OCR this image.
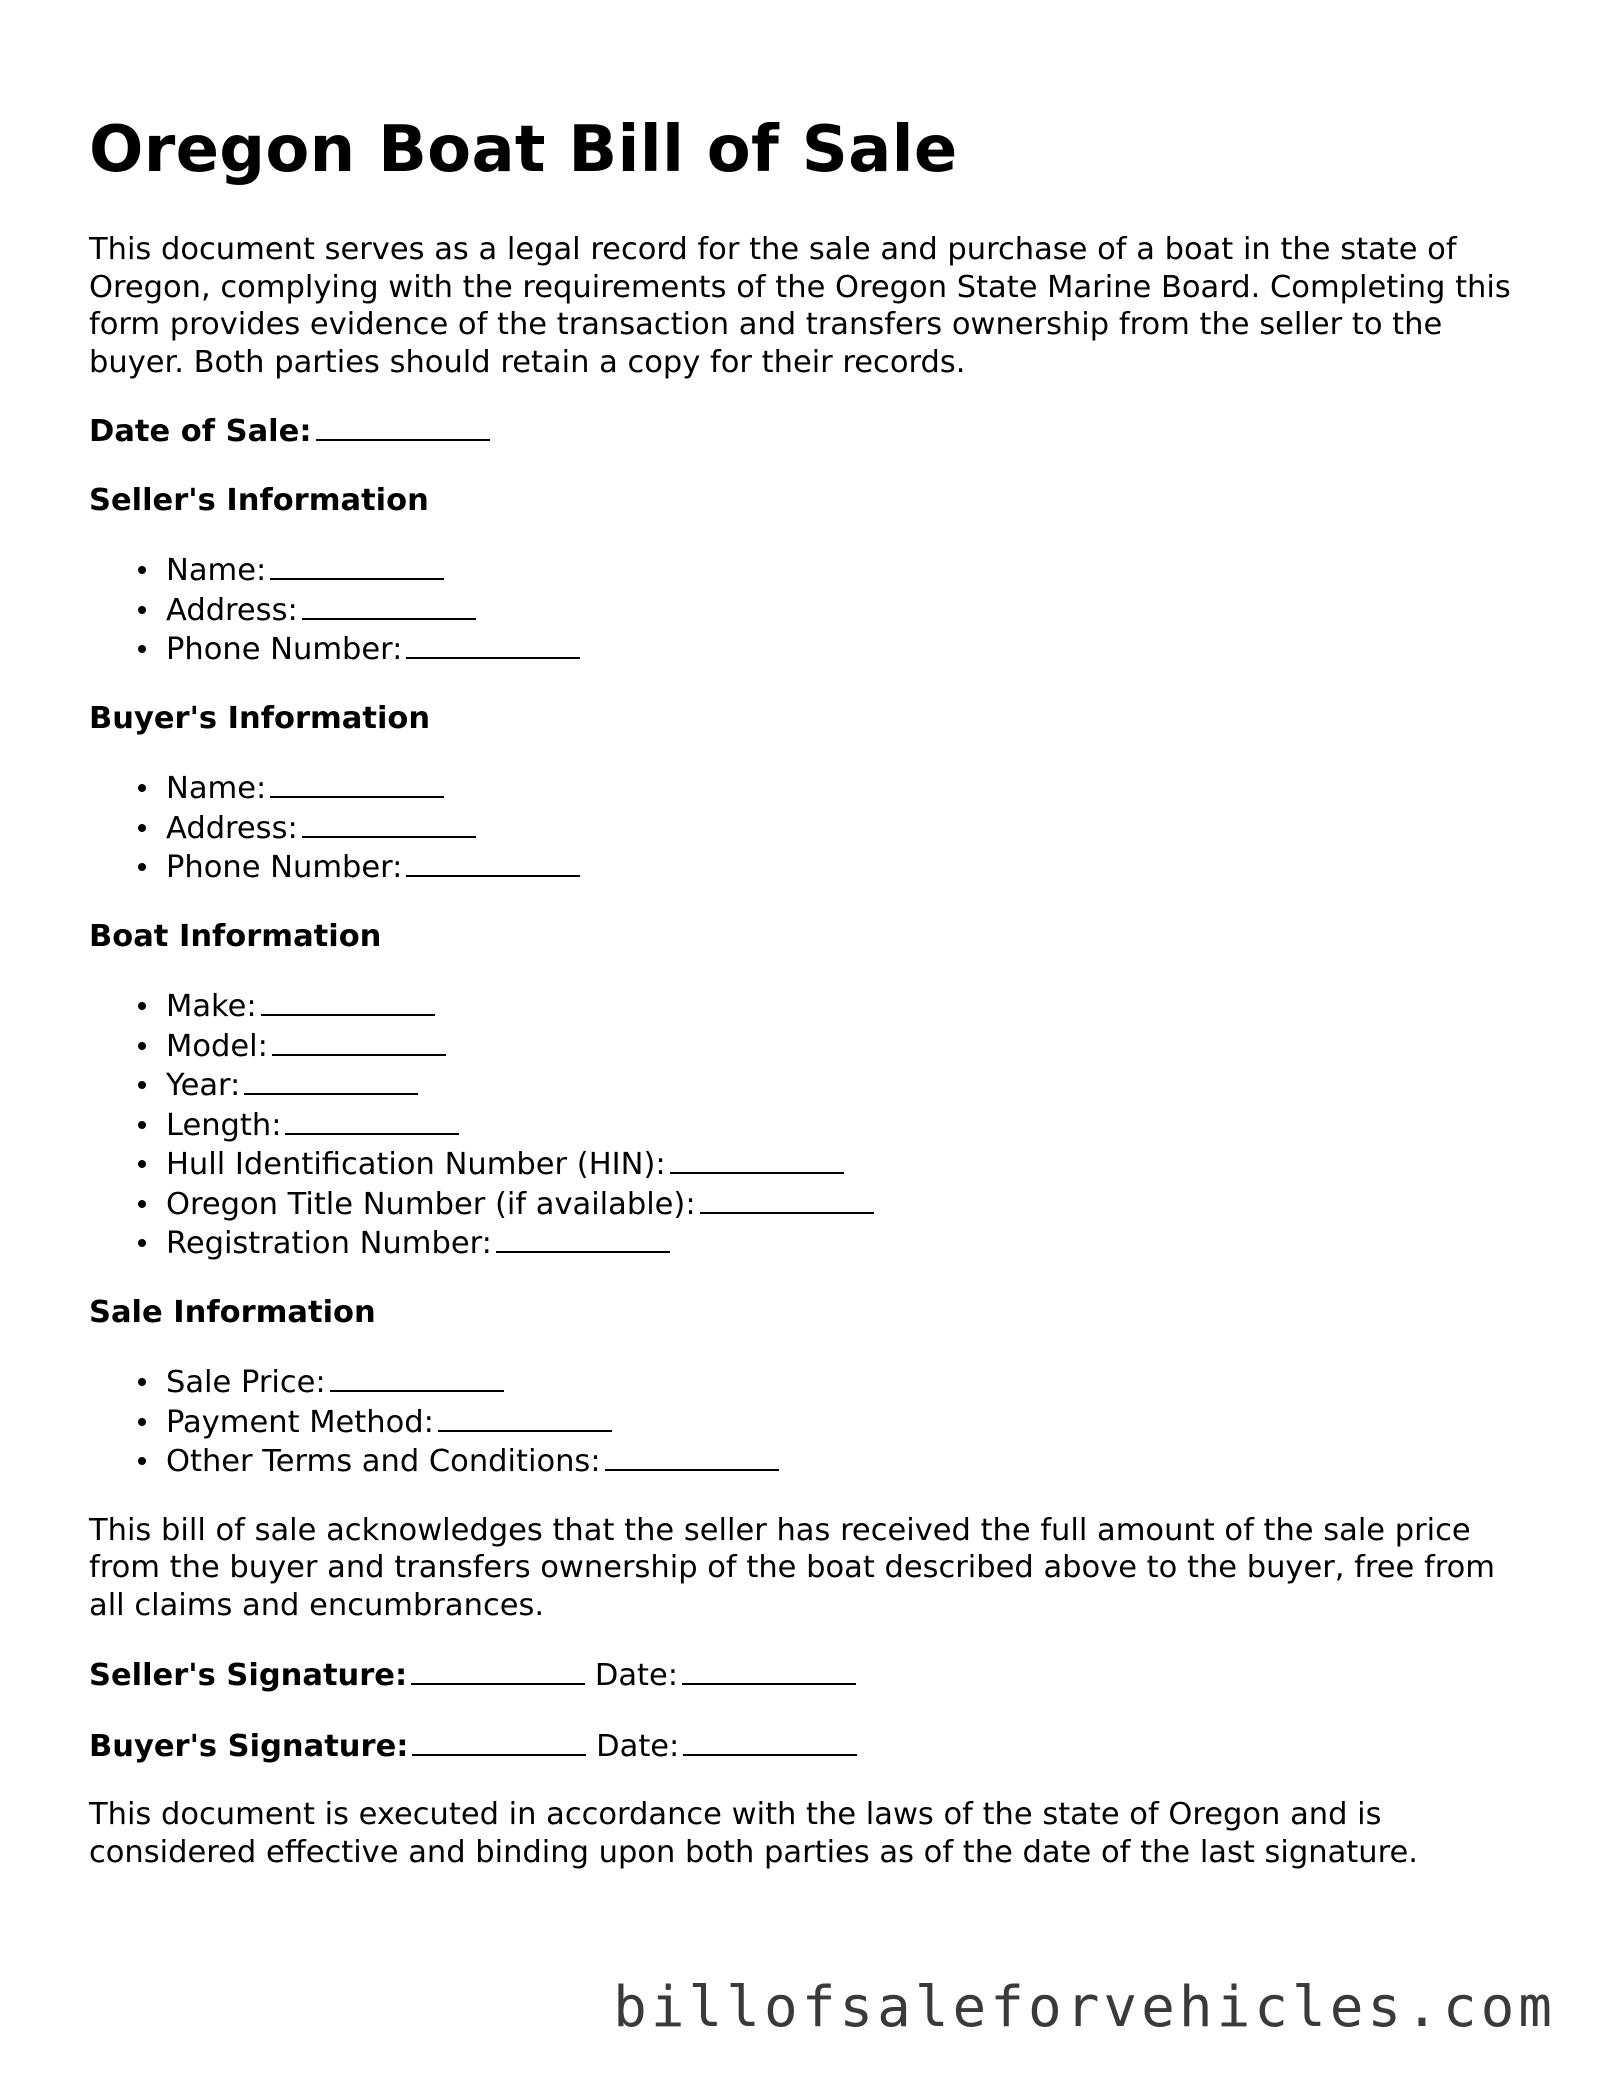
Oregon Boat Bill of Sale

This document serves as a legal record for the sale and purchase of a boat in the state of Oregon, complying with the requirements of the Oregon State Marine Board. Completing this form provides evidence of the transaction and transfers ownership from the seller to the buyer. Both parties should retain a copy for their records.

Date of Sale:
Seller's Information
Name:
Address:
Phone Number:
Buyer's Information
Name:
Address:
Phone Number:
Boat Information
Make:
Model:
Year:
Length:
Hull Identification Number (HIN):
Oregon Title Number (if available):
Registration Number:
Sale Information
Sale Price:
Payment Method:
Other Terms and Conditions:

This bill of sale acknowledges that the seller has received the full amount of the sale price from the buyer and transfers ownership of the boat described above to the buyer, free from all claims and encumbrances.

Seller's Signature:	Date:
Buyer's Signature:	Date:

This document is executed in accordance with the laws of the state of Oregon and is considered effective and binding upon both parties as of the date of the last signature.

billofsaleforvehicles.com
